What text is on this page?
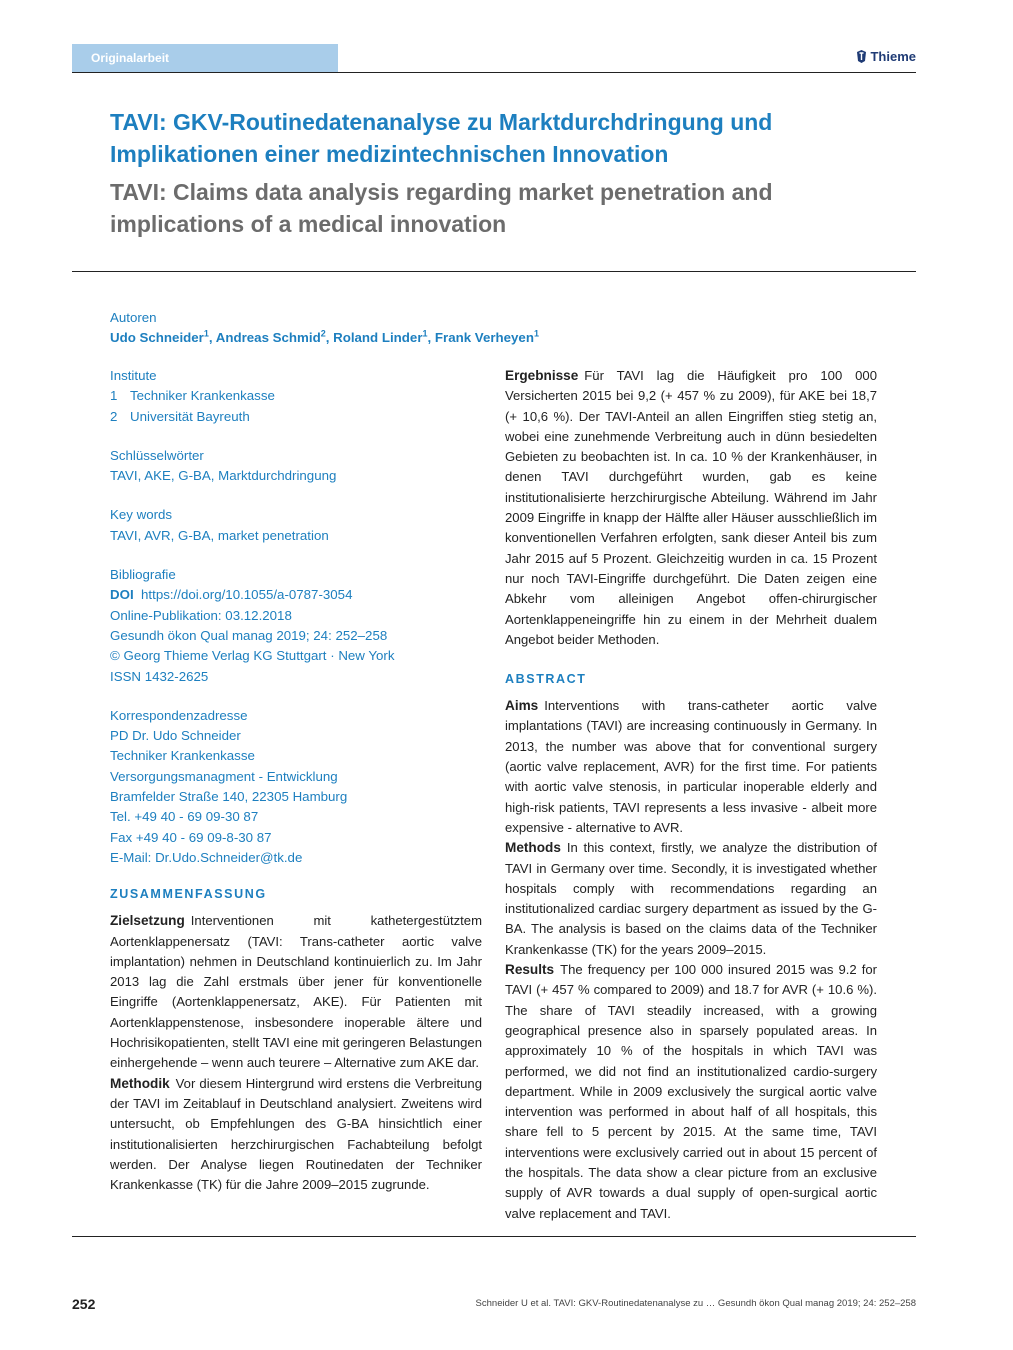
Originalarbeit	Thieme
TAVI: GKV-Routinedatenanalyse zu Marktdurchdringung und Implikationen einer medizintechnischen Innovation
TAVI: Claims data analysis regarding market penetration and implications of a medical innovation
Autoren
Udo Schneider$^1$, Andreas Schmid$^2$, Roland Linder$^1$, Frank Verheyen$^1$
Institute
1 Techniker Krankenkasse
2 Universität Bayreuth
Schlüsselwörter
TAVI, AKE, G-BA, Marktdurchdringung
Key words
TAVI, AVR, G-BA, market penetration
Bibliografie
DOI https://doi.org/10.1055/a-0787-3054
Online-Publikation: 03.12.2018
Gesundh ökon Qual manag 2019; 24: 252–258
© Georg Thieme Verlag KG Stuttgart · New York
ISSN 1432-2625
Korrespondenzadresse
PD Dr. Udo Schneider
Techniker Krankenkasse
Versorgungsmanagment - Entwicklung
Bramfelder Straße 140, 22305 Hamburg
Tel. +49 40 - 69 09-30 87
Fax +49 40 - 69 09-8-30 87
E-Mail: Dr.Udo.Schneider@tk.de
ZUSAMMENFASSUNG

Zielsetzung Interventionen mit kathetergestütztem Aortenklappenersatz (TAVI: Trans-catheter aortic valve implantation) nehmen in Deutschland kontinuierlich zu. Im Jahr 2013 lag die Zahl erstmals über jener für konventionelle Eingriffe (Aortenklappenersatz, AKE). Für Patienten mit Aortenklappenstenose, insbesondere inoperable ältere und Hochrisikopatienten, stellt TAVI eine mit geringeren Belastungen einhergehende – wenn auch teurere – Alternative zum AKE dar.

Methodik Vor diesem Hintergrund wird erstens die Verbreitung der TAVI im Zeitablauf in Deutschland analysiert. Zweitens wird untersucht, ob Empfehlungen des G-BA hinsichtlich einer institutionalisierten herzchirurgischen Fachabteilung befolgt werden. Der Analyse liegen Routinedaten der Techniker Krankenkasse (TK) für die Jahre 2009–2015 zugrunde.

Ergebnisse Für TAVI lag die Häufigkeit pro 100 000 Versicherten 2015 bei 9,2 (+ 457 % zu 2009), für AKE bei 18,7 (+ 10,6 %). Der TAVI-Anteil an allen Eingriffen stieg stetig an, wobei eine zunehmende Verbreitung auch in dünn besiedelten Gebieten zu beobachten ist. In ca. 10 % der Krankenhäuser, in denen TAVI durchgeführt wurden, gab es keine institutionalisierte herzchirurgische Abteilung. Während im Jahr 2009 Eingriffe in knapp der Hälfte aller Häuser ausschließlich im konventionellen Verfahren erfolgten, sank dieser Anteil bis zum Jahr 2015 auf 5 Prozent. Gleichzeitig wurden in ca. 15 Prozent nur noch TAVI-Eingriffe durchgeführt. Die Daten zeigen eine Abkehr vom alleinigen Angebot offen-chirurgischer Aortenklappeneingriffe hin zu einem in der Mehrheit dualem Angebot beider Methoden.

ABSTRACT

Aims Interventions with trans-catheter aortic valve implantations (TAVI) are increasing continuously in Germany. In 2013, the number was above that for conventional surgery (aortic valve replacement, AVR) for the first time. For patients with aortic valve stenosis, in particular inoperable elderly and high-risk patients, TAVI represents a less invasive - albeit more expensive - alternative to AVR.

Methods In this context, firstly, we analyze the distribution of TAVI in Germany over time. Secondly, it is investigated whether hospitals comply with recommendations regarding an institutionalized cardiac surgery department as issued by the G-BA. The analysis is based on the claims data of the Techniker Krankenkasse (TK) for the years 2009–2015.

Results The frequency per 100 000 insured 2015 was 9.2 for TAVI (+ 457 % compared to 2009) and 18.7 for AVR (+ 10.6 %). The share of TAVI steadily increased, with a growing geographical presence also in sparsely populated areas. In approximately 10 % of the hospitals in which TAVI was performed, we did not find an institutionalized cardio-surgery department. While in 2009 exclusively the surgical aortic valve intervention was performed in about half of all hospitals, this share fell to 5 percent by 2015. At the same time, TAVI interventions were exclusively carried out in about 15 percent of the hospitals. The data show a clear picture from an exclusive supply of AVR towards a dual supply of open-surgical aortic valve replacement and TAVI.

252	Schneider U et al. TAVI: GKV-Routinedatenanalyse zu … Gesundh ökon Qual manag 2019; 24: 252–258
